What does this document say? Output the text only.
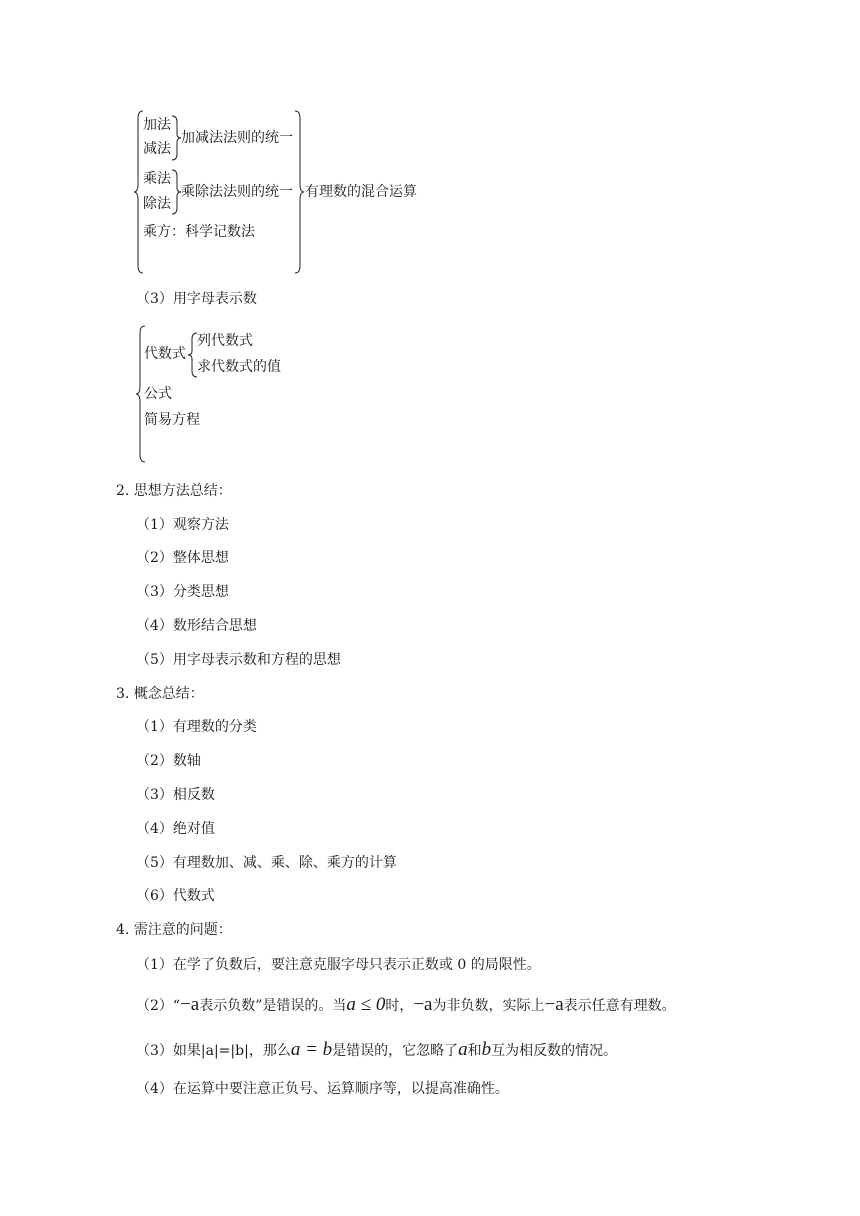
加法
减法
加减法法则的统一
乘法
除法
乘除法法则的统一
乘方：科学记数法
有理数的混合运算
（3）用字母表示数
代数式
列代数式
求代数式的值
公式
简易方程
2. 思想方法总结：
（1）观察方法
（2）整体思想
（3）分类思想
（4）数形结合思想
（5）用字母表示数和方程的思想
3. 概念总结：
（1）有理数的分类
（2）数轴
（3）相反数
（4）绝对值
（5）有理数加、减、乘、除、乘方的计算
（6）代数式
4. 需注意的问题：
（1）在学了负数后，要注意克服字母只表示正数或 0 的局限性。
（2）“−a表示负数”是错误的。当a ≤ 0时，−a为非负数，实际上−a表示任意有理数。
（3）如果|a|=|b|，那么a = b是错误的，它忽略了a和b互为相反数的情况。
（4）在运算中要注意正负号、运算顺序等，以提高准确性。
